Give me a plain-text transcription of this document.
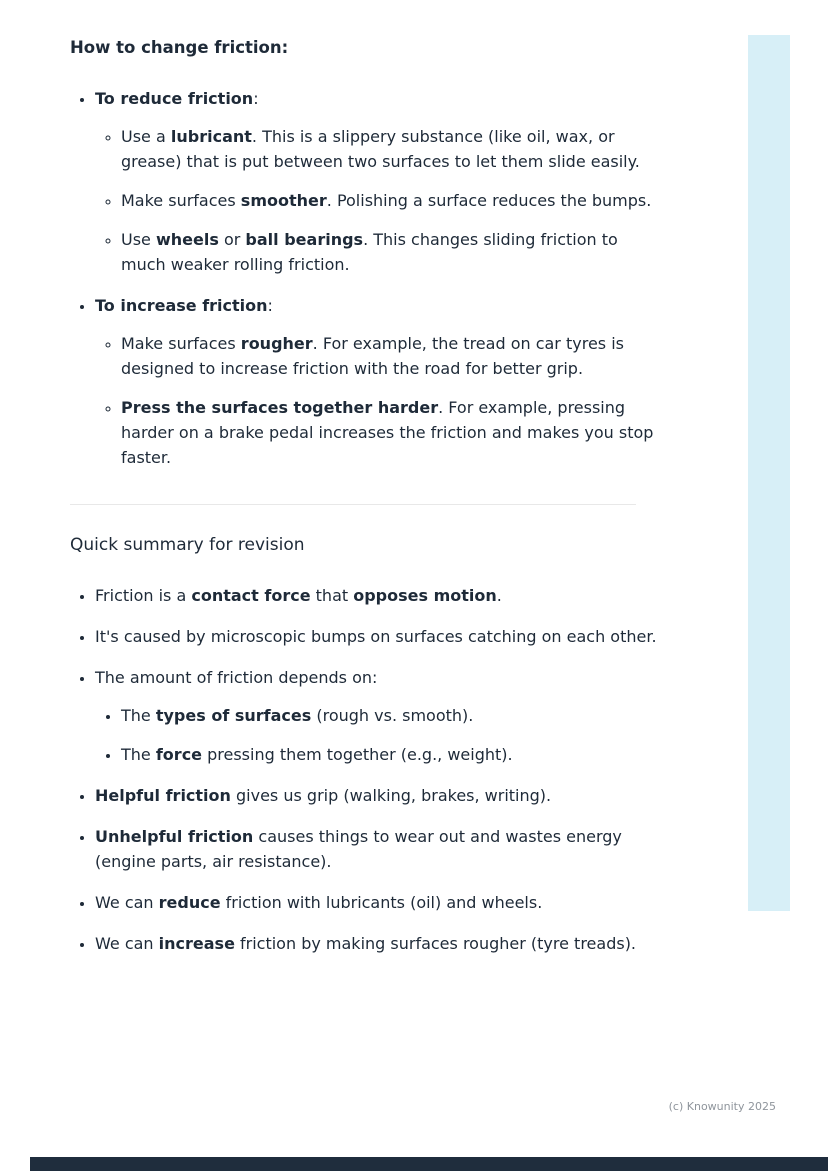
How to change friction:
• To reduce friction:
◦ Use a lubricant. This is a slippery substance (like oil, wax, or grease) that is put between two surfaces to let them slide easily.
◦ Make surfaces smoother. Polishing a surface reduces the bumps.
◦ Use wheels or ball bearings. This changes sliding friction to much weaker rolling friction.
• To increase friction:
◦ Make surfaces rougher. For example, the tread on car tyres is designed to increase friction with the road for better grip.
◦ Press the surfaces together harder. For example, pressing harder on a brake pedal increases the friction and makes you stop faster.

Quick summary for revision

• Friction is a contact force that opposes motion.
• It's caused by microscopic bumps on surfaces catching on each other.
• The amount of friction depends on:
• The types of surfaces (rough vs. smooth).
• The force pressing them together (e.g., weight).
• Helpful friction gives us grip (walking, brakes, writing).
• Unhelpful friction causes things to wear out and wastes energy (engine parts, air resistance).
• We can reduce friction with lubricants (oil) and wheels.
• We can increase friction by making surfaces rougher (tyre treads).
(c) Knowunity 2025
